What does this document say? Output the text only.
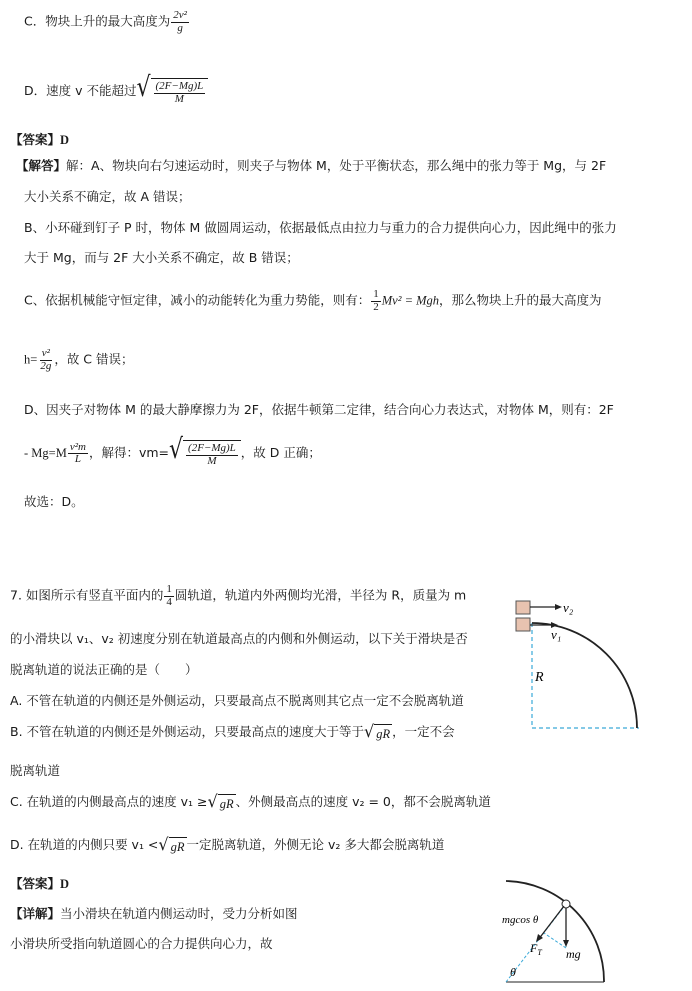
C．物块上升的最大高度为 $\frac{\text{2v²}}{g}$
D．速度 v 不能超过 √ $\frac{(2F-Mg)L}{M}$
【答案】D
【解答】解：A、物块向右匀速运动时，则夹子与物体 M，处于平衡状态，那么绳中的张力等于 Mg，与 2F
大小关系不确定，故 A 错误；
B、小环碰到钉子 P 时，物体 M 做圆周运动，依据最低点由拉力与重力的合力提供向心力，因此绳中的张力
大于 Mg，而与 2F 大小关系不确定，故 B 错误；
C、依据机械能守恒定律，减小的动能转化为重力势能，则有： $\frac{1}{2} Mv^2$ = Mgh，那么物块上升的最大高度为
$h= \frac{\text{v²}}{2g}$ ，故 C 错误；
D、因夹子对物体 M 的最大静摩擦力为 2F，依据牛顿第二定律，结合向心力表达式，对物体 M，则有：2F
- $Mg=M \frac{\text{v²m}}{L}$ ，解得：vm= √ $\frac{(2F-Mg)L}{M}$ ，故 D 正确；
故选：D。
7. 如图所示有竖直平面内的 $\frac{1}{4}$ 圆轨道，轨道内外两侧均光滑，半径为 R，质量为 m
的小滑块以 v₁、v₂ 初速度分别在轨道最高点的内侧和外侧运动，以下关于滑块是否
脱离轨道的说法正确的是（　　）
A. 不管在轨道的内侧还是外侧运动，只要最高点不脱离则其它点一定不会脱离轨道
B. 不管在轨道的内侧还是外侧运动，只要最高点的速度大于等于 √ gR ，一定不会
脱离轨道
C. 在轨道的内侧最高点的速度 v₁ ≥ √ gR 、外侧最高点的速度 v₂ = 0，都不会脱离轨道
D. 在轨道的内侧只要 v₁ < √ gR 一定脱离轨道，外侧无论 v₂ 多大都会脱离轨道
【答案】D
【详解】当小滑块在轨道内侧运动时，受力分析如图
小滑块所受指向轨道圆心的合力提供向心力，故
v₂
v₁
R
mgcos θ
$F_T$ mg
θ
